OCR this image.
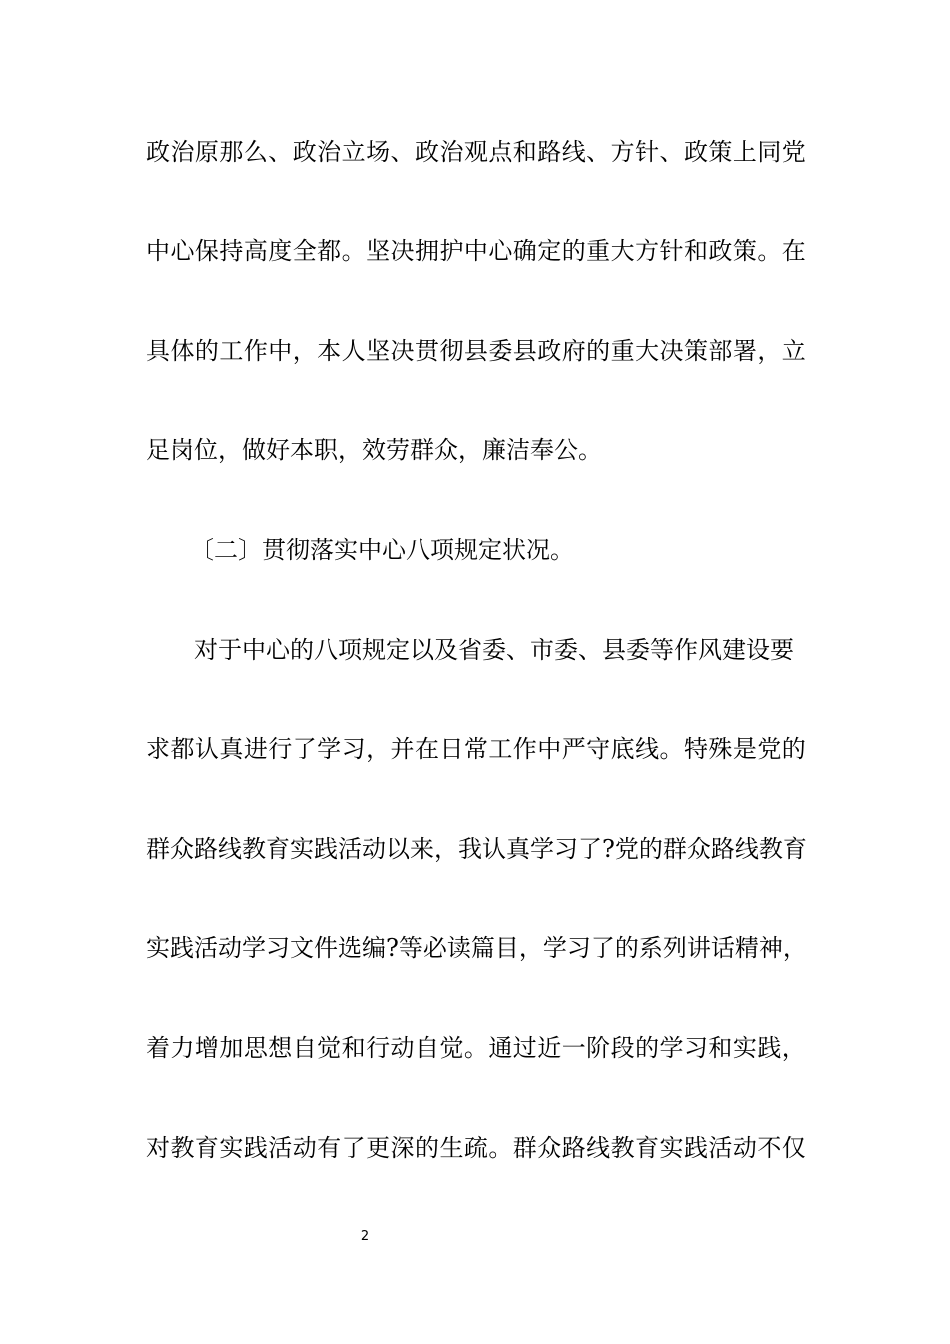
政 治 原 那 么 、 政 治 立 场 、 政 治 观 点 和 路 线 、 方 针 、 政 策 上 同 党
中 心 保 持 高 度 全 都 。 坚 决 拥 护 中 心 确 定 的 重 大 方 针 和 政 策 。 在
具 体 的 工 作 中 ， 本 人 坚 决 贯 彻 县 委 县 政 府 的 重 大 决 策 部 署 ， 立
足岗位，做好本职，效劳群众，廉洁奉公。
〔二〕贯彻落实中心八项规定状况。
对于中心的八项规定以及省委、市委、县委等作风建设要
求 都 认 真 进 行 了 学 习 ， 并 在 日 常 工 作 中 严 守 底 线 。 特 殊 是 党 的
群 众 路 线 教 育 实 践 活 动 以 来 ， 我 认 真 学 习 了 ? 党 的 群 众 路 线 教 育
实 践 活 动 学 习 文 件 选 编 ? 等 必 读 篇 目 ， 学 习 了 的 系 列 讲 话 精 神 ，
着 力 增 加 思 想 自 觉 和 行 动 自 觉 。 通 过 近 一 阶 段 的 学 习 和 实 践 ，
对 教 育 实 践 活 动 有 了 更 深 的 生 疏 。 群 众 路 线 教 育 实 践 活 动 不 仅
2
